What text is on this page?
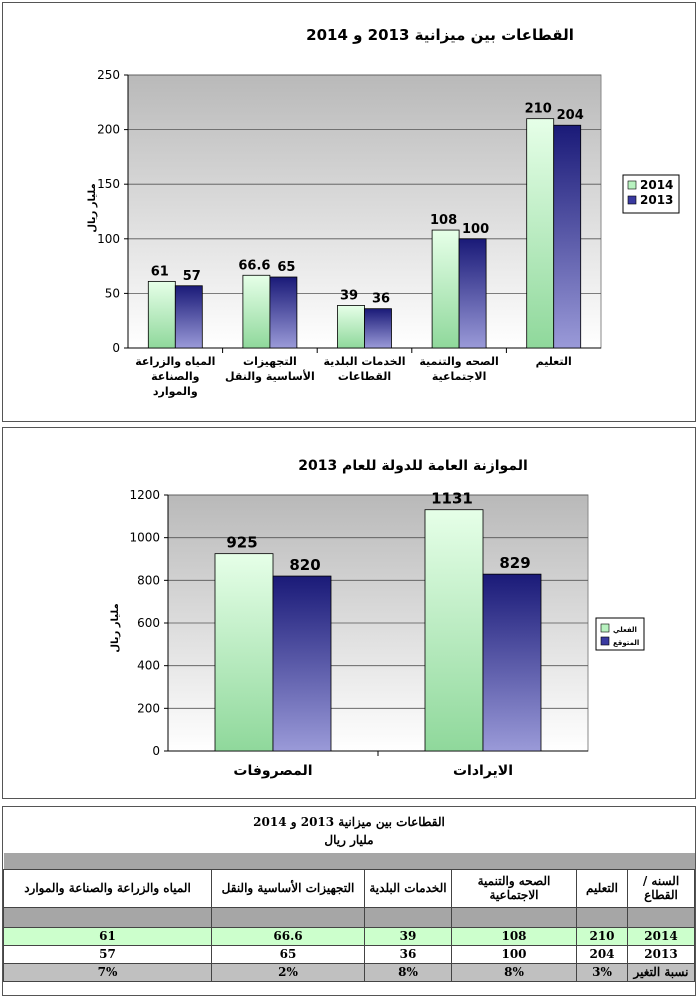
القطاعات بين ميزانية 2013 و 2014
0
50
100
150
200
250
مليار ريال
61 57
المياه والزراعة
والصناعة
والموارد
66.6 65
التجهيزات
الأساسية والنقل
39 36
الخدمات البلدية
القطاعات
108
100
الصحه والتنمية
الاجتماعية
210 204
التعليم
2014
2013
الموازنة العامة للدولة للعام 2013
0
200
400
600
800
1000
1200
مليار ريال
925
820
المصروفات
1131
829
الايرادات
الفعلي
المتوقع
القطاعات بين ميزانية 2013 و 2014
مليار ريال

السنه / القطاع	التعليم	الصحه والتنمية الاجتماعية	الخدمات البلدية	التجهيزات الأساسية والنقل	المياه والزراعة والصناعة والموارد

2014	210	108	39	66.6	61
2013	204	100	36	65	57
نسبة التغير	3%	8%	8%	2%	7%
